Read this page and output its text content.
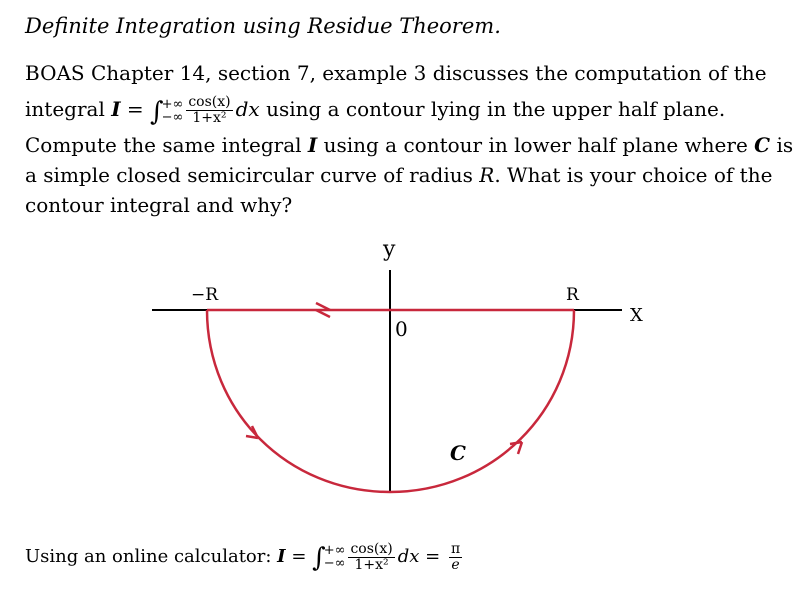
Definite Integration using Residue Theorem.
BOAS Chapter 14, section 7, example 3 discusses the computation of the
integral I = ∫
+∞
−∞ $\frac{\cos(x)}{\text{1+x²}}$ dx using a contour lying in the upper half plane.
Compute the same integral I using a contour in lower half plane where C is
a simple closed semicircular curve of radius R. What is your choice of the
contour integral and why?
y
−R	R
X
0
C
Using an online calculator: I = ∫
+∞
−∞ $\frac{\cos(x)}{\text{1+x²}}$ dx = $\frac{\pi}{e}$
